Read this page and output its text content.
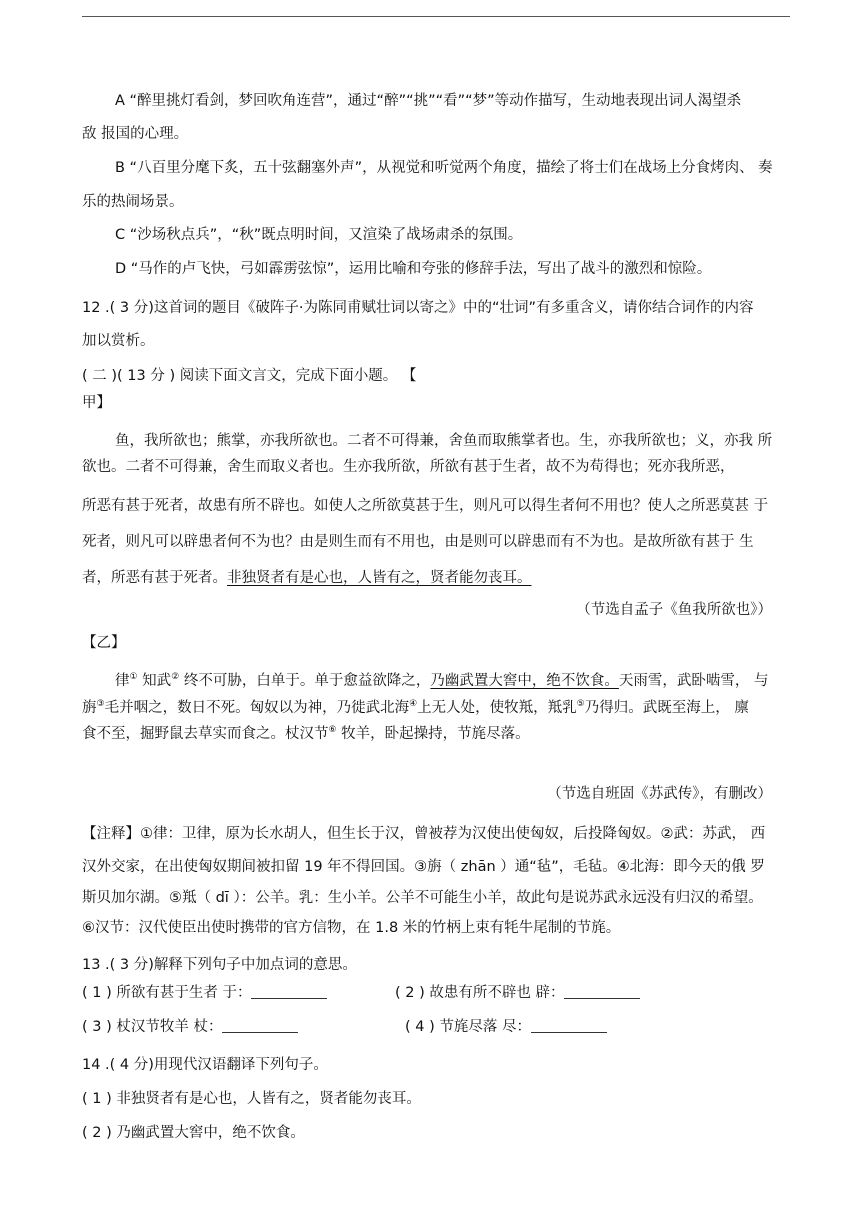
A “醉里挑灯看剑，梦回吹角连营”，通过“醉”“挑”“看”“梦”等动作描写，生动地表现出词人渴望杀
敌 报国的心理。
B “八百里分麾下炙，五十弦翻塞外声”，从视觉和听觉两个角度，描绘了将士们在战场上分食烤肉、 奏
乐的热闹场景。
C “沙场秋点兵”，“秋”既点明时间，又渲染了战场肃杀的氛围。
D “马作的卢飞快，弓如霹雳弦惊”，运用比喻和夸张的修辞手法，写出了战斗的激烈和惊险。
12 .( 3 分)这首词的题目《破阵子·为陈同甫赋壮词以寄之》中的“壮词”有多重含义，请你结合词作的内容
加以赏析。
( 二 )( 13 分 ) 阅读下面文言文，完成下面小题。 【
甲】
鱼，我所欲也；熊掌，亦我所欲也。二者不可得兼，舍鱼而取熊掌者也。生，亦我所欲也；义，亦我 所
欲也。二者不可得兼，舍生而取义者也。生亦我所欲，所欲有甚于生者，故不为苟得也；死亦我所恶，
所恶有甚于死者，故患有所不辟也。如使人之所欲莫甚于生，则凡可以得生者何不用也？使人之所恶莫甚 于
死者，则凡可以辟患者何不为也？由是则生而有不用也，由是则可以辟患而有不为也。是故所欲有甚于 生
者，所恶有甚于死者。非独贤者有是心也，人皆有之，贤者能勿丧耳。
（节选自孟子《鱼我所欲也》）
【乙】
律① 知武② 终不可胁，白单于。单于愈益欲降之，乃幽武置大窖中，绝不饮食。天雨雪，武卧啮雪， 与
旃③毛并咽之，数日不死。匈奴以为神，乃徙武北海④上无人处，使牧羝，羝乳⑤乃得归。武既至海上， 廪
食不至，掘野鼠去草实而食之。杖汉节⑥ 牧羊，卧起操持，节旄尽落。
（节选自班固《苏武传》，有删改）
【注释】①律：卫律，原为长水胡人，但生长于汉，曾被荐为汉使出使匈奴，后投降匈奴。②武：苏武， 西
汉外交家，在出使匈奴期间被扣留 19 年不得回国。③旃（ zhān ）通“毡”，毛毡。④北海：即今天的俄 罗
斯贝加尔湖。⑤羝（ dī ）：公羊。乳：生小羊。公羊不可能生小羊，故此句是说苏武永远没有归汉的希望。
⑥汉节：汉代使臣出使时携带的官方信物，在 1.8 米的竹柄上束有牦牛尾制的节旄。
13 .( 3 分)解释下列句子中加点词的意思。
( 1 ) 所欲有甚于生者 于：	( 2 ) 故患有所不辟也 辟：
( 3 ) 杖汉节牧羊 杖：	( 4 ) 节旄尽落 尽：
14 .( 4 分)用现代汉语翻译下列句子。
( 1 ) 非独贤者有是心也，人皆有之，贤者能勿丧耳。
( 2 ) 乃幽武置大窖中，绝不饮食。
